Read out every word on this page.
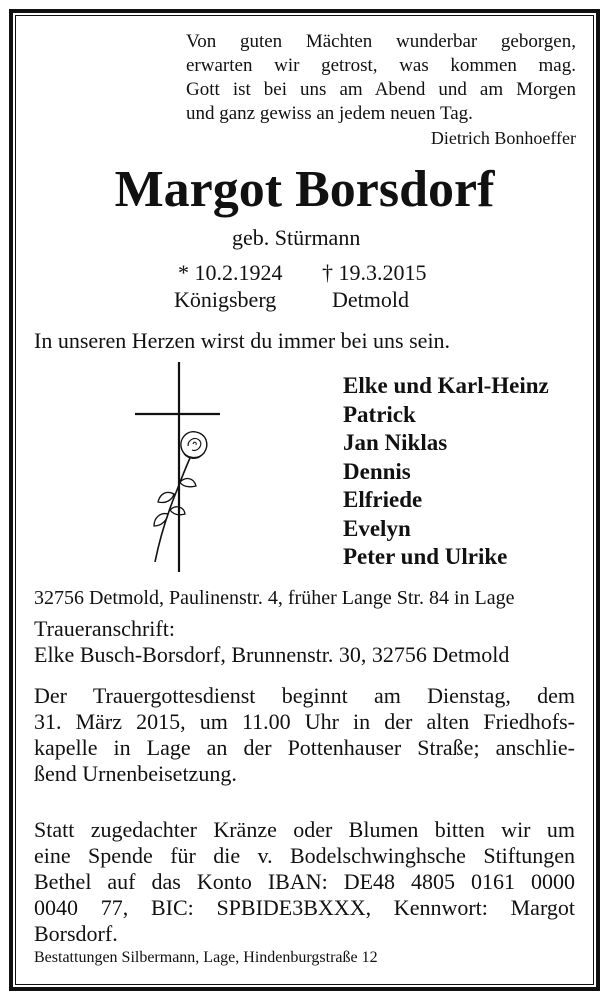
Von guten Mächten wunderbar geborgen,
erwarten wir getrost, was kommen mag.
Gott ist bei uns am Abend und am Morgen
und ganz gewiss an jedem neuen Tag.
Dietrich Bonhoeffer
Margot Borsdorf
geb. Stürmann
* 10.2.1924 † 19.3.2015
Königsberg	Detmold
In unseren Herzen wirst du immer bei uns sein.
Elke und Karl-Heinz
Patrick
Jan Niklas
Dennis
Elfriede
Evelyn
Peter und Ulrike
32756 Detmold, Paulinenstr. 4, früher Lange Str. 84 in Lage
Traueranschrift:
Elke Busch-Borsdorf, Brunnenstr. 30, 32756 Detmold
Der Trauergottesdienst beginnt am Dienstag, dem
31. März 2015, um 11.00 Uhr in der alten Friedhofs-
kapelle in Lage an der Pottenhauser Straße; anschlie-
ßend Urnenbeisetzung.
Statt zugedachter Kränze oder Blumen bitten wir um
eine Spende für die v. Bodelschwinghsche Stiftungen
Bethel auf das Konto IBAN: DE48 4805 0161 0000
0040 77, BIC: SPBIDE3BXXX, Kennwort: Margot
Borsdorf.
Bestattungen Silbermann, Lage, Hindenburgstraße 12
